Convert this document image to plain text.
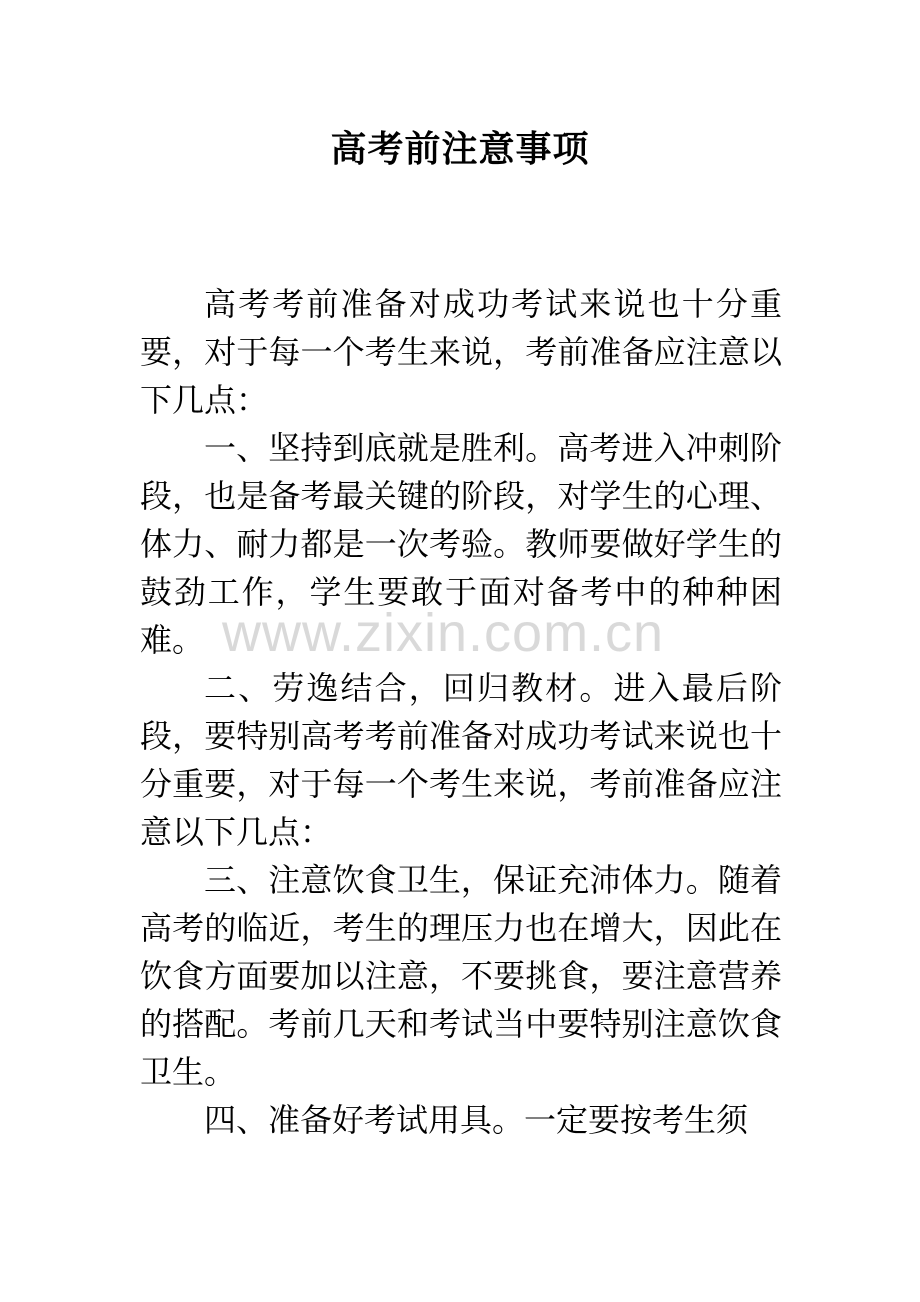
高考前注意事项

高考考前准备对成功考试来说也十分重要，对于每一个考生来说，考前准备应注意以下几点：

一、坚持到底就是胜利。高考进入冲刺阶段，也是备考最关键的阶段，对学生的心理、体力、耐力都是一次考验。教师要做好学生的鼓劲工作，学生要敢于面对备考中的种种困难。

二、劳逸结合，回归教材。进入最后阶段，要特别高考考前准备对成功考试来说也十分重要，对于每一个考生来说，考前准备应注意以下几点：

三、注意饮食卫生，保证充沛体力。随着高考的临近，考生的理压力也在增大，因此在饮食方面要加以注意，不要挑食，要注意营养的搭配。考前几天和考试当中要特别注意饮食卫生。

四、准备好考试用具。一定要按考生须

www.zixin.com.cn
